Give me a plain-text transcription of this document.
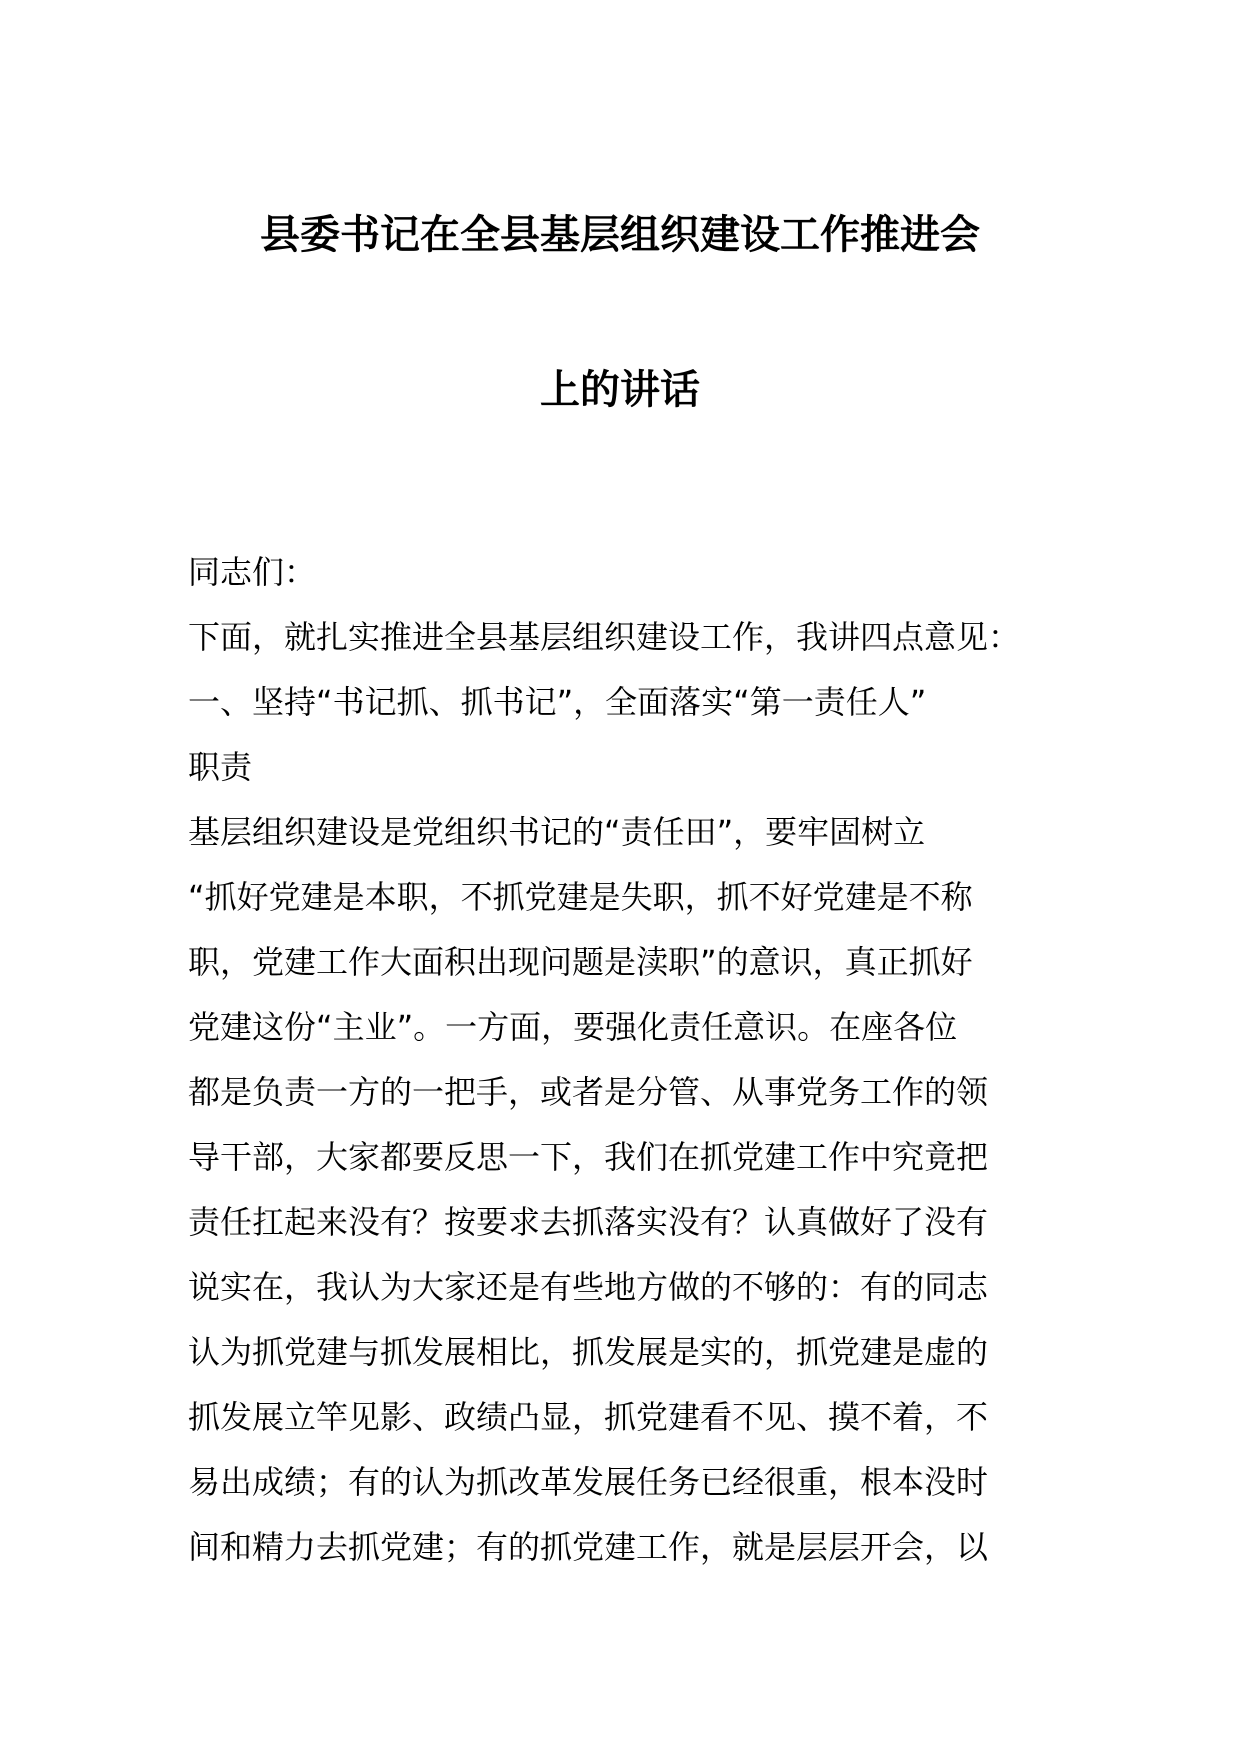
县委书记在全县基层组织建设工作推进会
上的讲话
同志们：
下面，就扎实推进全县基层组织建设工作，我讲四点意见：
一、坚持“书记抓、抓书记”，全面落实“第一责任人”
职责
基层组织建设是党组织书记的“责任田”，要牢固树立
“抓好党建是本职，不抓党建是失职，抓不好党建是不称
职，党建工作大面积出现问题是渎职”的意识，真正抓好
党建这份“主业”。一方面，要强化责任意识。在座各位
都是负责一方的一把手，或者是分管、从事党务工作的领
导干部，大家都要反思一下，我们在抓党建工作中究竟把
责任扛起来没有？按要求去抓落实没有？认真做好了没有
说实在，我认为大家还是有些地方做的不够的：有的同志
认为抓党建与抓发展相比，抓发展是实的，抓党建是虚的
抓发展立竿见影、政绩凸显，抓党建看不见、摸不着，不
易出成绩；有的认为抓改革发展任务已经很重，根本没时
间和精力去抓党建；有的抓党建工作，就是层层开会，以
